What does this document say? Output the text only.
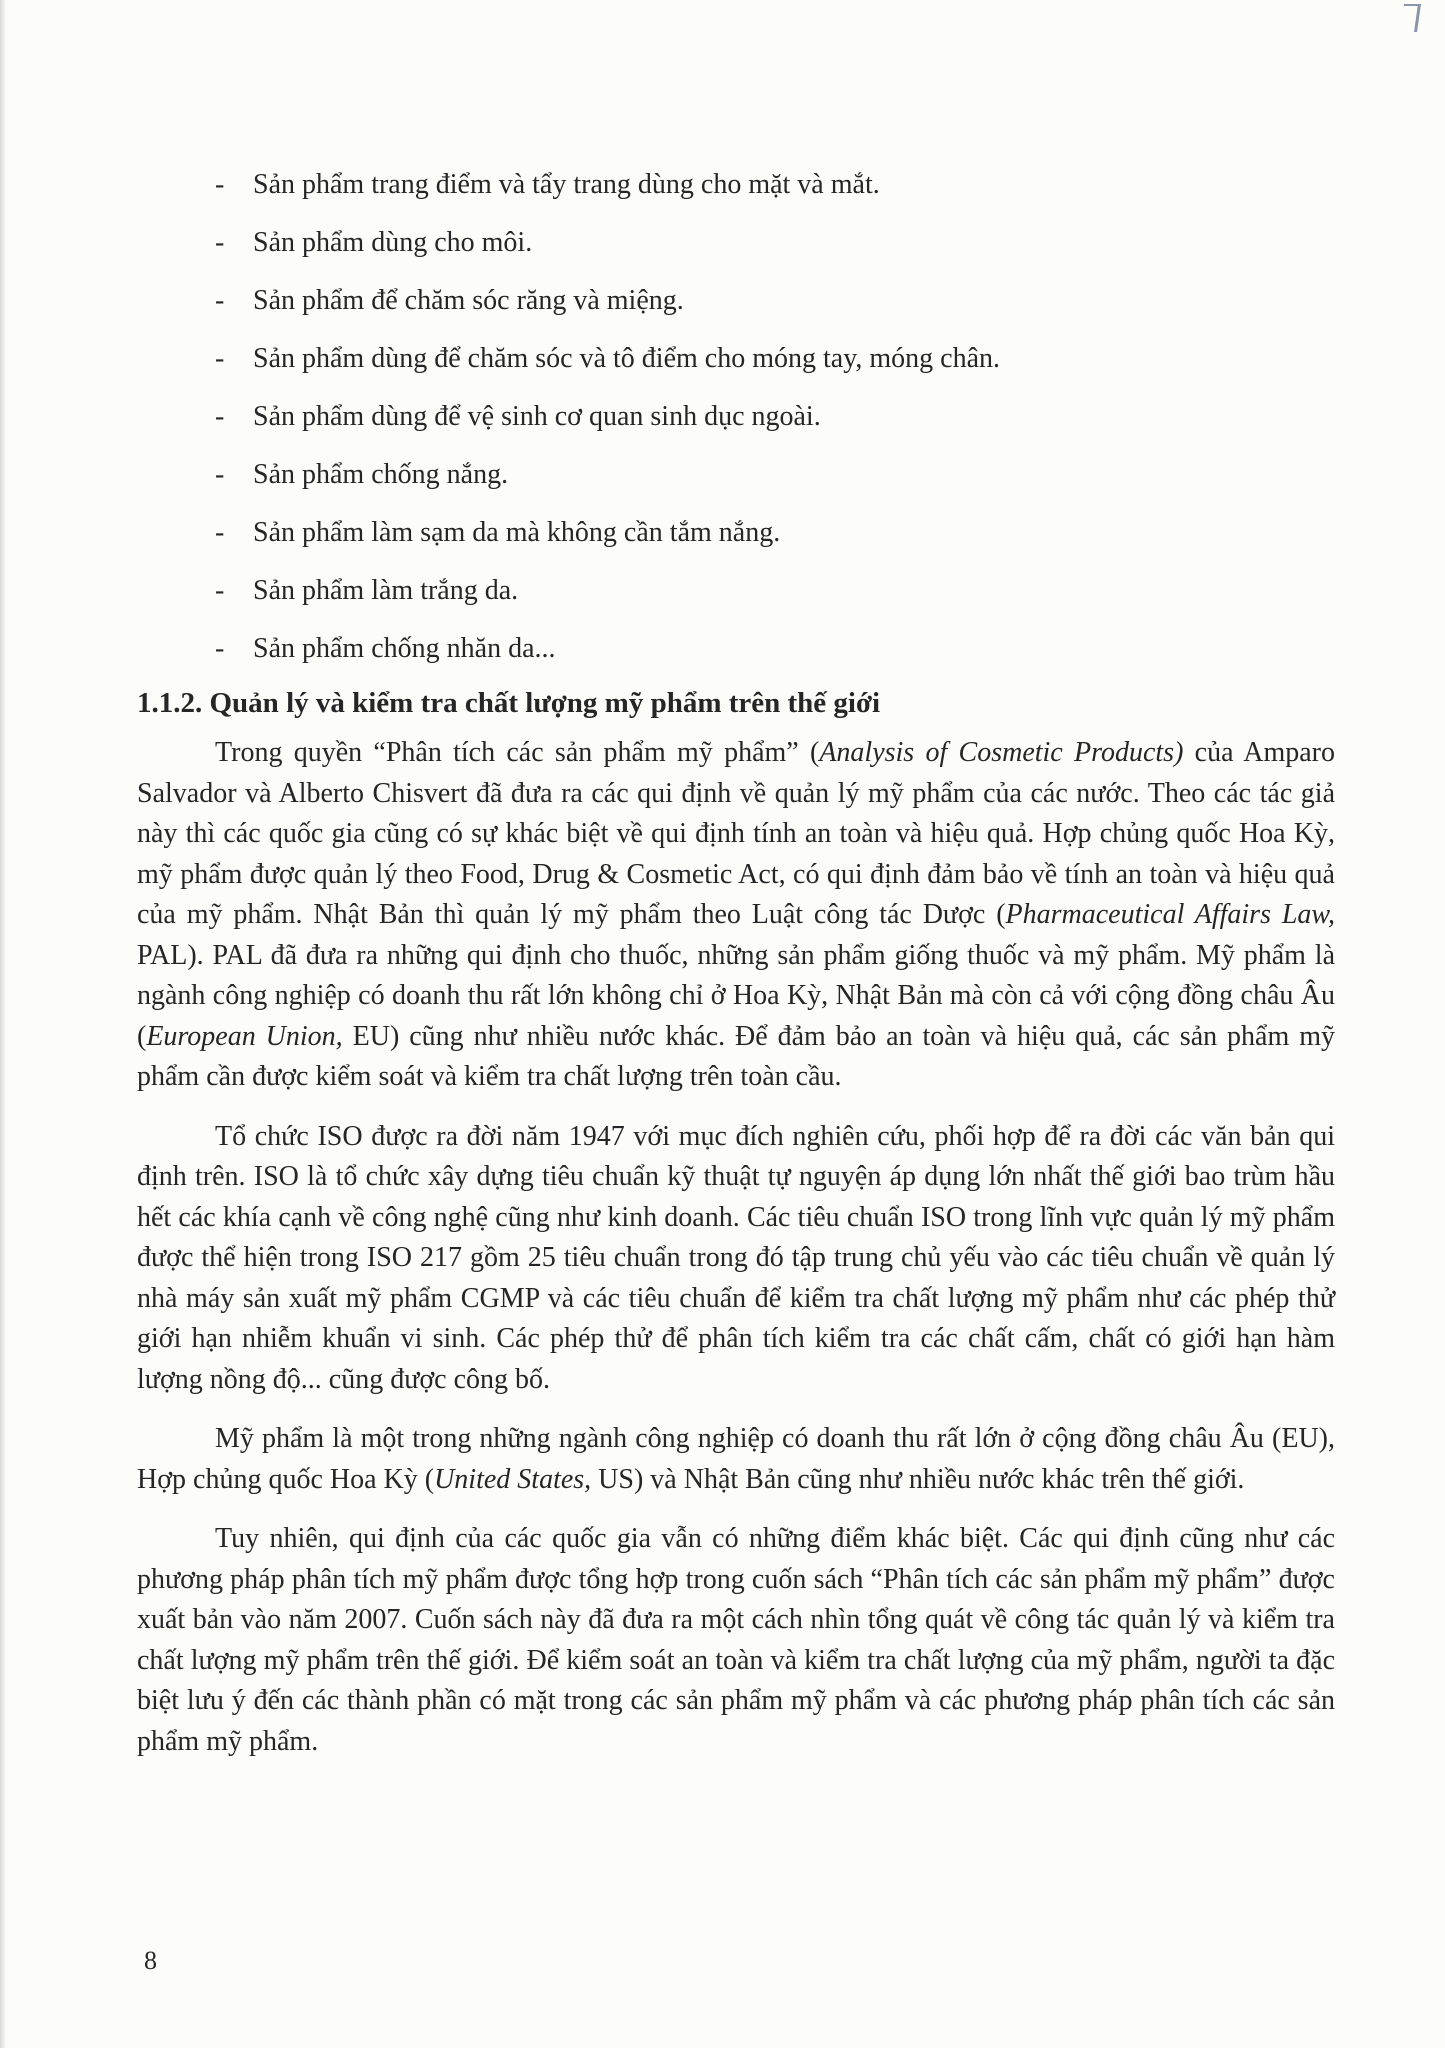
- Sản phẩm trang điểm và tẩy trang dùng cho mặt và mắt.
- Sản phẩm dùng cho môi.
- Sản phẩm để chăm sóc răng và miệng.
- Sản phẩm dùng để chăm sóc và tô điểm cho móng tay, móng chân.
- Sản phẩm dùng để vệ sinh cơ quan sinh dục ngoài.
- Sản phẩm chống nắng.
- Sản phẩm làm sạm da mà không cần tắm nắng.
- Sản phẩm làm trắng da.
- Sản phẩm chống nhăn da...
1.1.2. Quản lý và kiểm tra chất lượng mỹ phẩm trên thế giới

Trong quyền “Phân tích các sản phẩm mỹ phẩm” (Analysis of Cosmetic Products) của Amparo Salvador và Alberto Chisvert đã đưa ra các qui định về quản lý mỹ phẩm của các nước. Theo các tác giả này thì các quốc gia cũng có sự khác biệt về qui định tính an toàn và hiệu quả. Hợp chủng quốc Hoa Kỳ, mỹ phẩm được quản lý theo Food, Drug & Cosmetic Act, có qui định đảm bảo về tính an toàn và hiệu quả của mỹ phẩm. Nhật Bản thì quản lý mỹ phẩm theo Luật công tác Dược (Pharmaceutical Affairs Law, PAL). PAL đã đưa ra những qui định cho thuốc, những sản phẩm giống thuốc và mỹ phẩm. Mỹ phẩm là ngành công nghiệp có doanh thu rất lớn không chỉ ở Hoa Kỳ, Nhật Bản mà còn cả với cộng đồng châu Âu (European Union, EU) cũng như nhiều nước khác. Để đảm bảo an toàn và hiệu quả, các sản phẩm mỹ phẩm cần được kiểm soát và kiểm tra chất lượng trên toàn cầu.

Tổ chức ISO được ra đời năm 1947 với mục đích nghiên cứu, phối hợp để ra đời các văn bản qui định trên. ISO là tổ chức xây dựng tiêu chuẩn kỹ thuật tự nguyện áp dụng lớn nhất thế giới bao trùm hầu hết các khía cạnh về công nghệ cũng như kinh doanh. Các tiêu chuẩn ISO trong lĩnh vực quản lý mỹ phẩm được thể hiện trong ISO 217 gồm 25 tiêu chuẩn trong đó tập trung chủ yếu vào các tiêu chuẩn về quản lý nhà máy sản xuất mỹ phẩm CGMP và các tiêu chuẩn để kiểm tra chất lượng mỹ phẩm như các phép thử giới hạn nhiễm khuẩn vi sinh. Các phép thử để phân tích kiểm tra các chất cấm, chất có giới hạn hàm lượng nồng độ... cũng được công bố.

Mỹ phẩm là một trong những ngành công nghiệp có doanh thu rất lớn ở cộng đồng châu Âu (EU), Hợp chủng quốc Hoa Kỳ (United States, US) và Nhật Bản cũng như nhiều nước khác trên thế giới.

Tuy nhiên, qui định của các quốc gia vẫn có những điểm khác biệt. Các qui định cũng như các phương pháp phân tích mỹ phẩm được tổng hợp trong cuốn sách “Phân tích các sản phẩm mỹ phẩm” được xuất bản vào năm 2007. Cuốn sách này đã đưa ra một cách nhìn tổng quát về công tác quản lý và kiểm tra chất lượng mỹ phẩm trên thế giới. Để kiểm soát an toàn và kiểm tra chất lượng của mỹ phẩm, người ta đặc biệt lưu ý đến các thành phần có mặt trong các sản phẩm mỹ phẩm và các phương pháp phân tích các sản phẩm mỹ phẩm.

8
